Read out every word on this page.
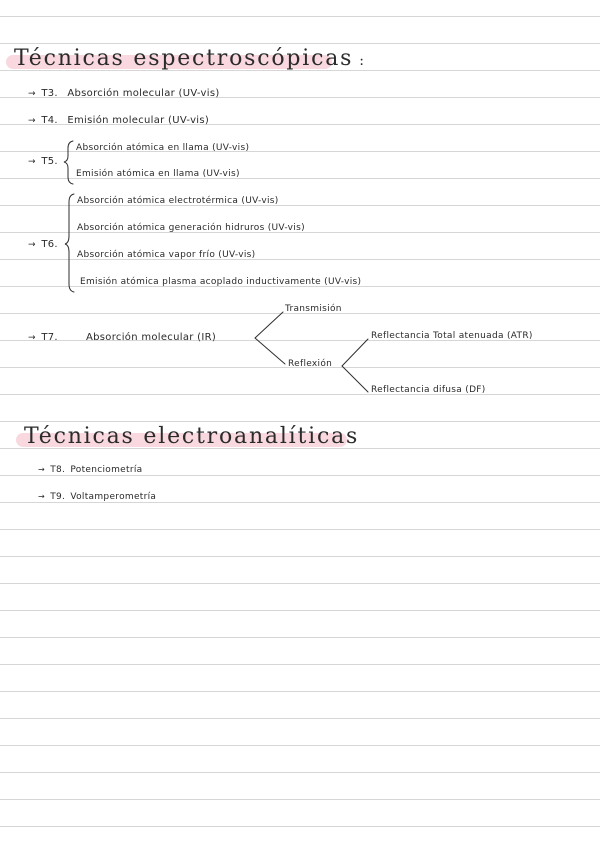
Técnicas espectroscópicas :
→ T3. Absorción molecular (UV-vis)
→ T4. Emisión molecular (UV-vis)
→ T5.
Absorción atómica en llama (UV-vis)
Emisión atómica en llama (UV-vis)
→ T6.
Absorción atómica electrotérmica (UV-vis)
Absorción atómica generación hidruros (UV-vis)
Absorción atómica vapor frío (UV-vis)
Emisión atómica plasma acoplado inductivamente (UV-vis)
→ T7.	Absorción molecular (IR)
Transmisión
Reflexión
Reflectancia Total atenuada (ATR)
Reflectancia difusa (DF)
Técnicas electroanalíticas
→ T8. Potenciometría
→ T9. Voltamperometría
